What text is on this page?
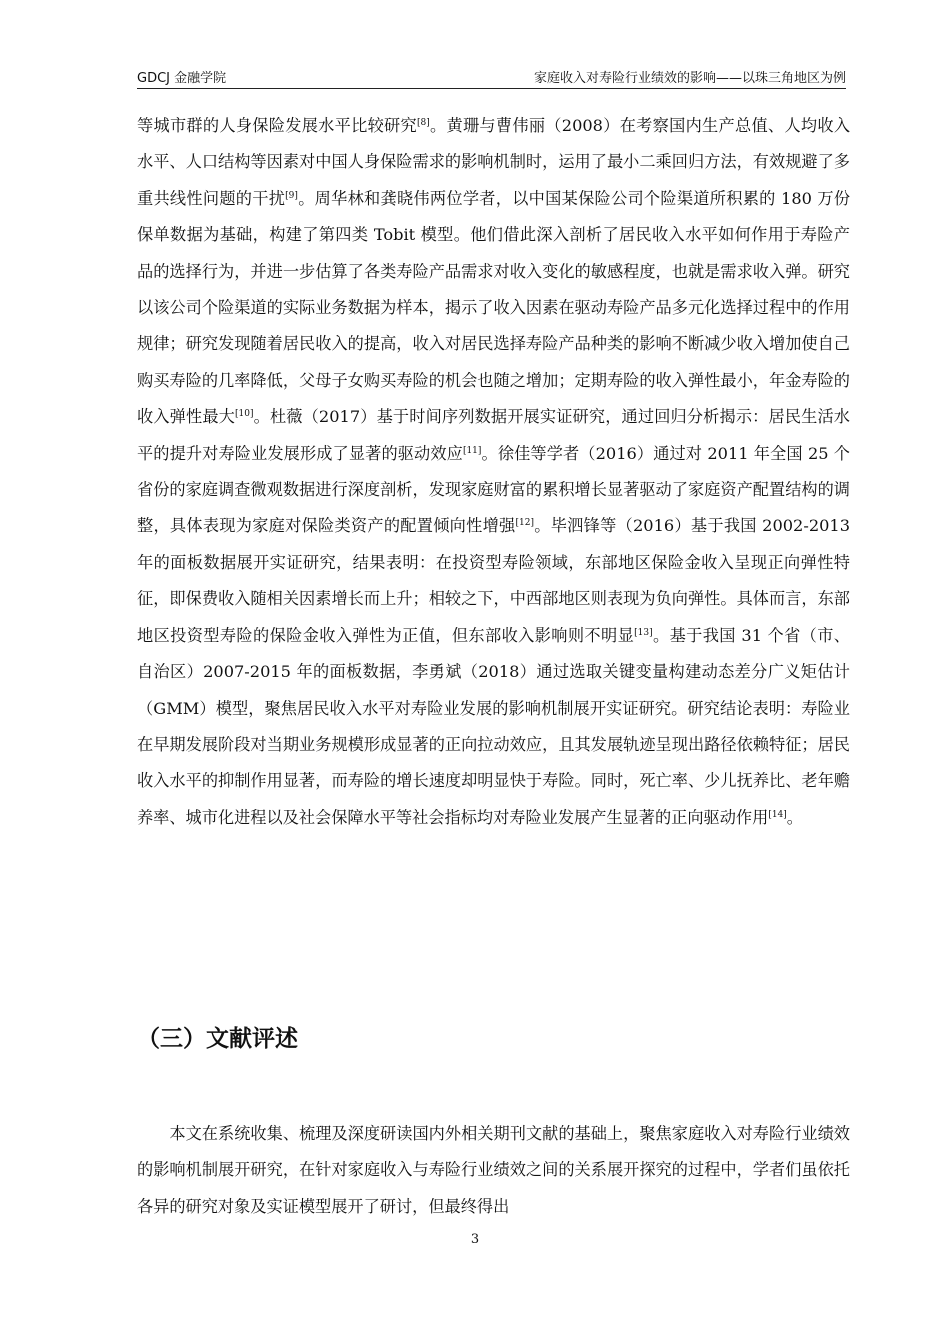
GDCJ 金融学院	家庭收入对寿险行业绩效的影响——以珠三角地区为例

等城市群的人身保险发展水平比较研究[8]。黄珊与曹伟丽（2008）在考察国内生产总值、人均收入水平、人口结构等因素对中国人身保险需求的影响机制时，运用了最小二乘回归方法，有效规避了多重共线性问题的干扰[9]。周华林和龚晓伟两位学者，以中国某保险公司个险渠道所积累的 180 万份保单数据为基础，构建了第四类 Tobit 模型。他们借此深入剖析了居民收入水平如何作用于寿险产品的选择行为，并进一步估算了各类寿险产品需求对收入变化的敏感程度，也就是需求收入弹。研究以该公司个险渠道的实际业务数据为样本，揭示了收入因素在驱动寿险产品多元化选择过程中的作用规律；研究发现随着居民收入的提高，收入对居民选择寿险产品种类的影响不断减少收入增加使自己购买寿险的几率降低，父母子女购买寿险的机会也随之增加；定期寿险的收入弹性最小，年金寿险的收入弹性最大[10]。杜薇（2017）基于时间序列数据开展实证研究，通过回归分析揭示：居民生活水平的提升对寿险业发展形成了显著的驱动效应[11]。徐佳等学者（2016）通过对 2011 年全国 25 个省份的家庭调查微观数据进行深度剖析，发现家庭财富的累积增长显著驱动了家庭资产配置结构的调整，具体表现为家庭对保险类资产的配置倾向性增强[12]。毕泗锋等（2016）基于我国 2002-2013 年的面板数据展开实证研究，结果表明：在投资型寿险领域，东部地区保险金收入呈现正向弹性特征，即保费收入随相关因素增长而上升；相较之下，中西部地区则表现为负向弹性。具体而言，东部地区投资型寿险的保险金收入弹性为正值，但东部收入影响则不明显[13]。基于我国 31 个省（市、自治区）2007-2015 年的面板数据，李勇斌（2018）通过选取关键变量构建动态差分广义矩估计（GMM）模型，聚焦居民收入水平对寿险业发展的影响机制展开实证研究。研究结论表明：寿险业在早期发展阶段对当期业务规模形成显著的正向拉动效应，且其发展轨迹呈现出路径依赖特征；居民收入水平的抑制作用显著，而寿险的增长速度却明显快于寿险。同时，死亡率、少儿抚养比、老年赡养率、城市化进程以及社会保障水平等社会指标均对寿险业发展产生显著的正向驱动作用[14]。

（三）文献评述

本文在系统收集、梳理及深度研读国内外相关期刊文献的基础上，聚焦家庭收入对寿险行业绩效的影响机制展开研究，在针对家庭收入与寿险行业绩效之间的关系展开探究的过程中，学者们虽依托各异的研究对象及实证模型展开了研讨，但最终得出

3
